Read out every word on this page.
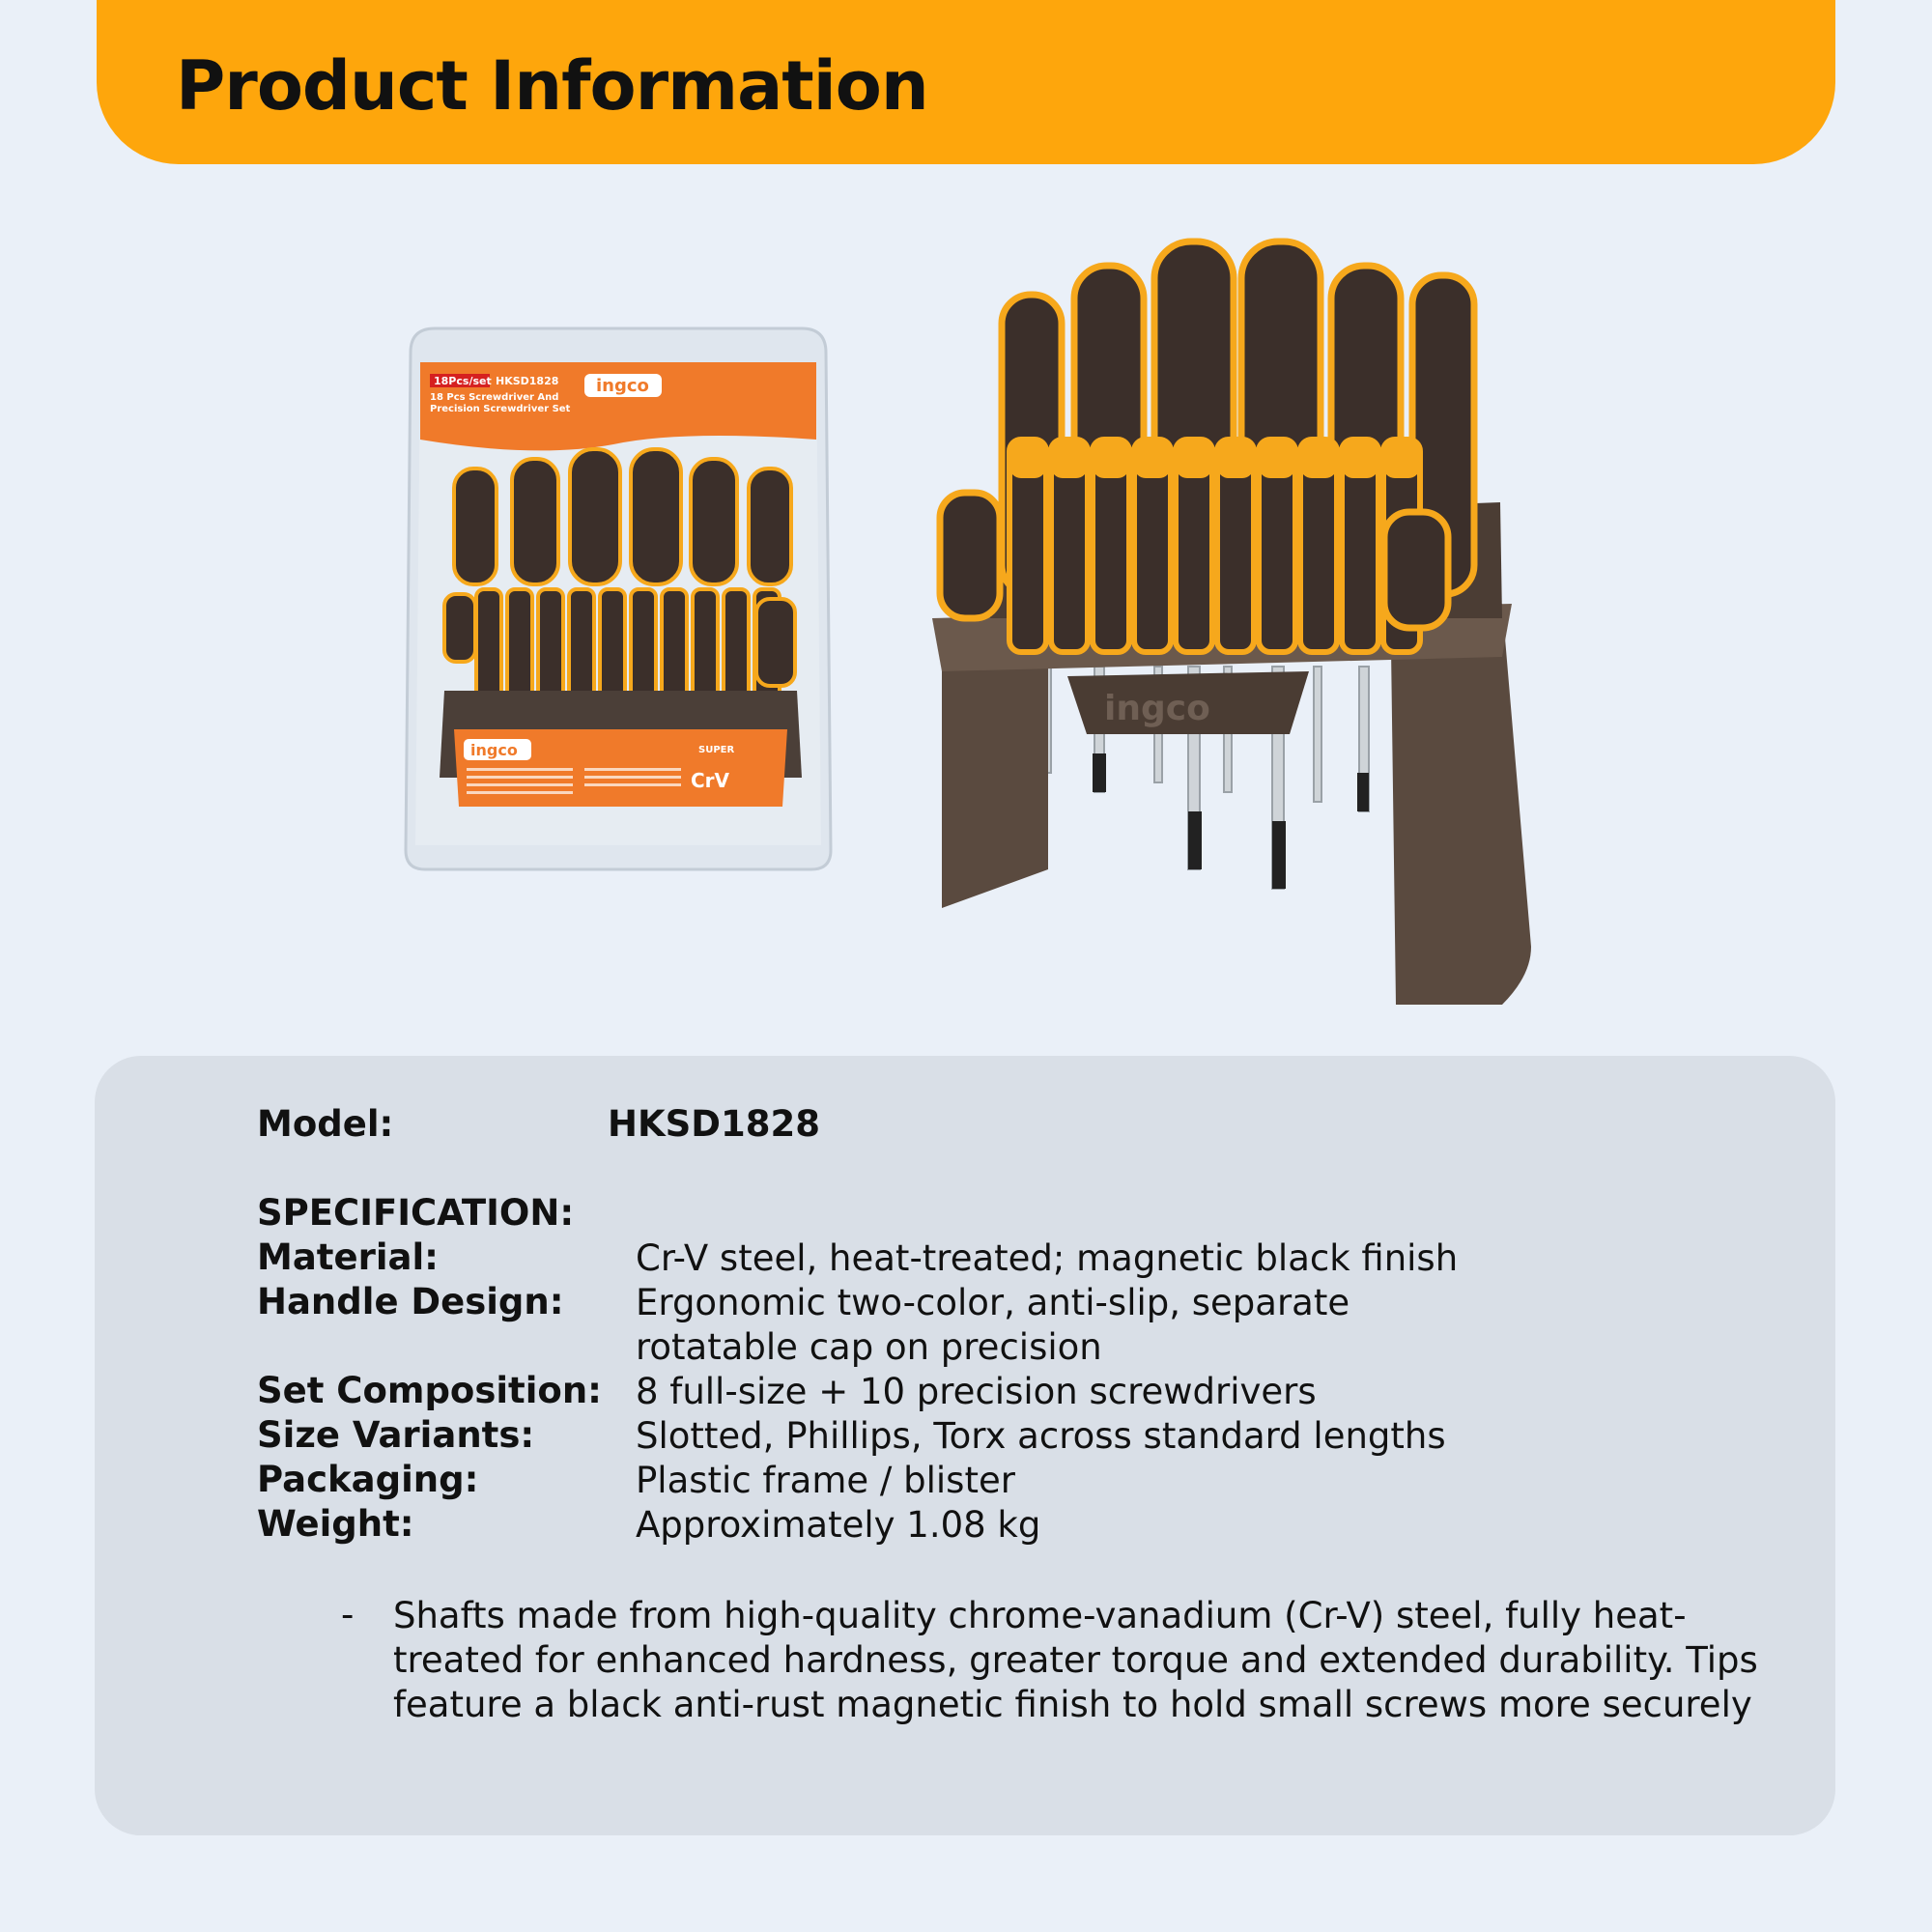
Product Information
18Pcs/set HKSD1828
18 Pcs Screwdriver And
Precision Screwdriver Set
ingco
ingco	SUPER
CrV
ingco
Model:	HKSD1828
SPECIFICATION:
Material:	Cr-V steel, heat-treated; magnetic black finish
Handle Design: Ergonomic two-color, anti-slip, separate rotatable cap on precision
Set Composition: 8 full-size + 10 precision screwdrivers
Size Variants:	Slotted, Phillips, Torx across standard lengths
Packaging:	Plastic frame / blister
Weight:	Approximately 1.08 kg
- Shafts made from high-quality chrome-vanadium (Cr-V) steel, fully heat-treated for enhanced hardness, greater torque and extended durability. Tips feature a black anti-rust magnetic finish to hold small screws more securely
